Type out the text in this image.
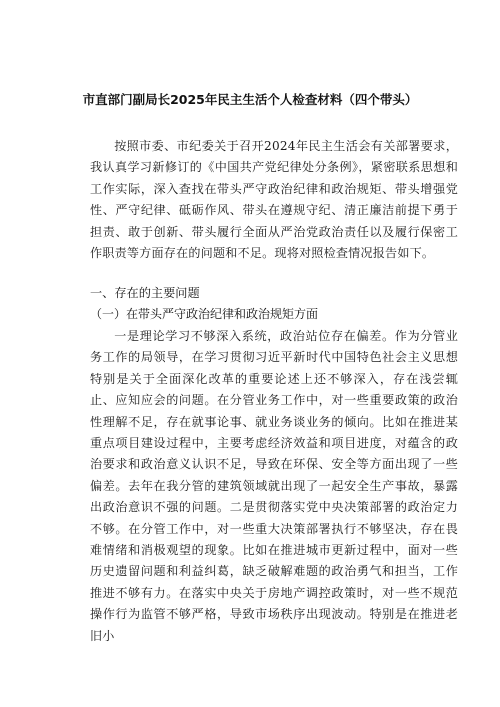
市直部门副局长2025年民主生活个人检查材料（四个带头）

按照市委、市纪委关于召开2024年民主生活会有关部署要求，我认真学习新修订的《中国共产党纪律处分条例》，紧密联系思想和工作实际，深入查找在带头严守政治纪律和政治规矩、带头增强党性、严守纪律、砥砺作风、带头在遵规守纪、清正廉洁前提下勇于担责、敢于创新、带头履行全面从严治党政治责任以及履行保密工作职责等方面存在的问题和不足。现将对照检查情况报告如下。

一、存在的主要问题
（一）在带头严守政治纪律和政治规矩方面

一是理论学习不够深入系统，政治站位存在偏差。作为分管业务工作的局领导，在学习贯彻习近平新时代中国特色社会主义思想特别是关于全面深化改革的重要论述上还不够深入，存在浅尝辄止、应知应会的问题。在分管业务工作中，对一些重要政策的政治性理解不足，存在就事论事、就业务谈业务的倾向。比如在推进某重点项目建设过程中，主要考虑经济效益和项目进度，对蕴含的政治要求和政治意义认识不足，导致在环保、安全等方面出现了一些偏差。去年在我分管的建筑领域就出现了一起安全生产事故，暴露出政治意识不强的问题。二是贯彻落实党中央决策部署的政治定力不够。在分管工作中，对一些重大决策部署执行不够坚决，存在畏难情绪和消极观望的现象。比如在推进城市更新过程中，面对一些历史遗留问题和利益纠葛，缺乏破解难题的政治勇气和担当，工作推进不够有力。在落实中央关于房地产调控政策时，对一些不规范操作行为监管不够严格，导致市场秩序出现波动。特别是在推进老旧小
